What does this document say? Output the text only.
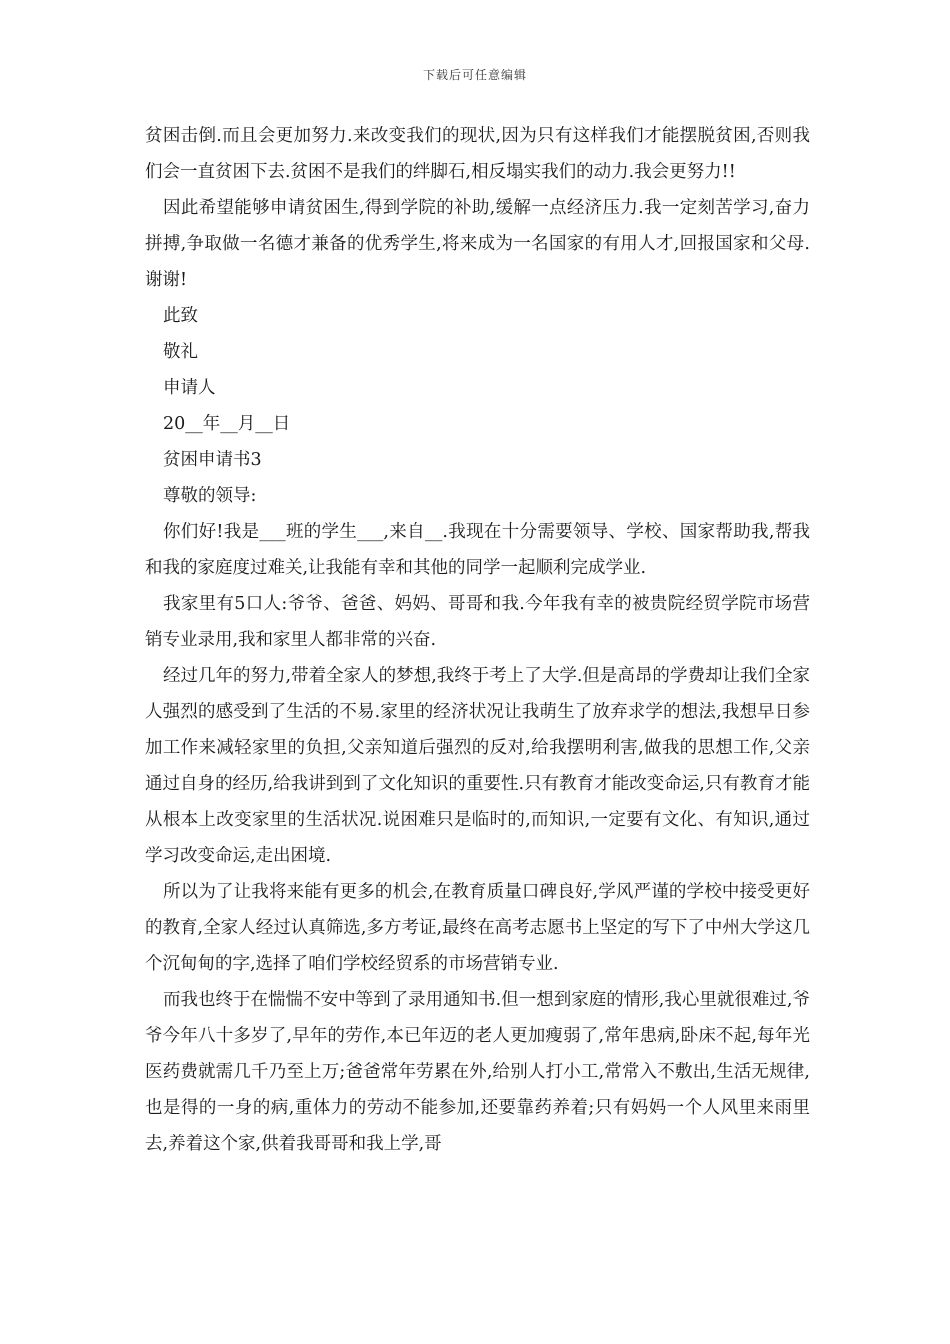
下载后可任意编辑

贫困击倒.而且会更加努力.来改变我们的现状,因为只有这样我们才能摆脱贫困,否则我们会一直贫困下去.贫困不是我们的绊脚石,相反塌实我们的动力.我会更努力!!

因此希望能够申请贫困生,得到学院的补助,缓解一点经济压力.我一定刻苦学习,奋力拼搏,争取做一名德才兼备的优秀学生,将来成为一名国家的有用人才,回报国家和父母.谢谢!

此致

敬礼

申请人

20__年__月__日

贫困申请书3

尊敬的领导:

你们好!我是___班的学生___,来自__.我现在十分需要领导、学校、国家帮助我,帮我和我的家庭度过难关,让我能有幸和其他的同学一起顺利完成学业.

我家里有5口人:爷爷、爸爸、妈妈、哥哥和我.今年我有幸的被贵院经贸学院市场营销专业录用,我和家里人都非常的兴奋.

经过几年的努力,带着全家人的梦想,我终于考上了大学.但是高昂的学费却让我们全家人强烈的感受到了生活的不易.家里的经济状况让我萌生了放弃求学的想法,我想早日参加工作来减轻家里的负担,父亲知道后强烈的反对,给我摆明利害,做我的思想工作,父亲通过自身的经历,给我讲到到了文化知识的重要性.只有教育才能改变命运,只有教育才能从根本上改变家里的生活状况.说困难只是临时的,而知识,一定要有文化、有知识,通过学习改变命运,走出困境.

所以为了让我将来能有更多的机会,在教育质量口碑良好,学风严谨的学校中接受更好的教育,全家人经过认真筛选,多方考证,最终在高考志愿书上坚定的写下了中州大学这几个沉甸甸的字,选择了咱们学校经贸系的市场营销专业.

而我也终于在惴惴不安中等到了录用通知书.但一想到家庭的情形,我心里就很难过,爷爷今年八十多岁了,早年的劳作,本已年迈的老人更加瘦弱了,常年患病,卧床不起,每年光医药费就需几千乃至上万;爸爸常年劳累在外,给别人打小工,常常入不敷出,生活无规律,也是得的一身的病,重体力的劳动不能参加,还要靠药养着;只有妈妈一个人风里来雨里去,养着这个家,供着我哥哥和我上学,哥
